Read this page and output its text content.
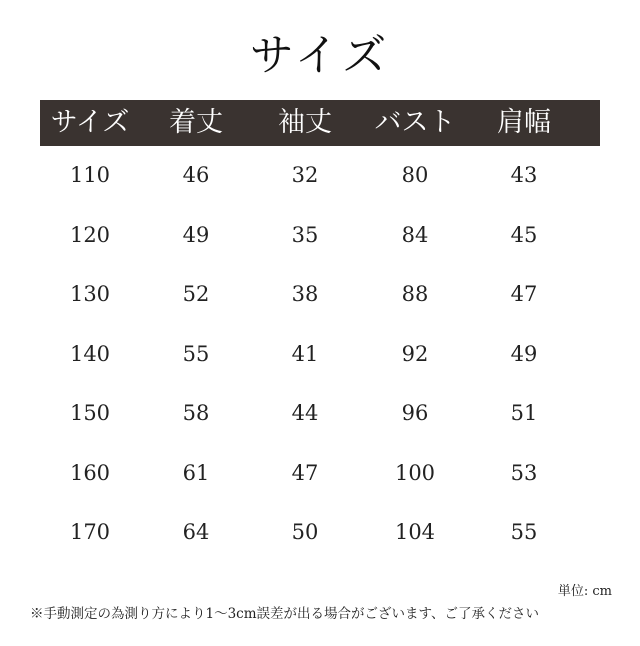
サイズ
サイズ	着丈	袖丈	バスト	肩幅
110	46	32	80	43
120	49	35	84	45
130	52	38	88	47
140	55	41	92	49
150	58	44	96	51
160	61	47	100	53
170	64	50	104	55
単位: cm
※手動測定の為測り方により1〜3cm誤差が出る場合がございます、ご了承ください
